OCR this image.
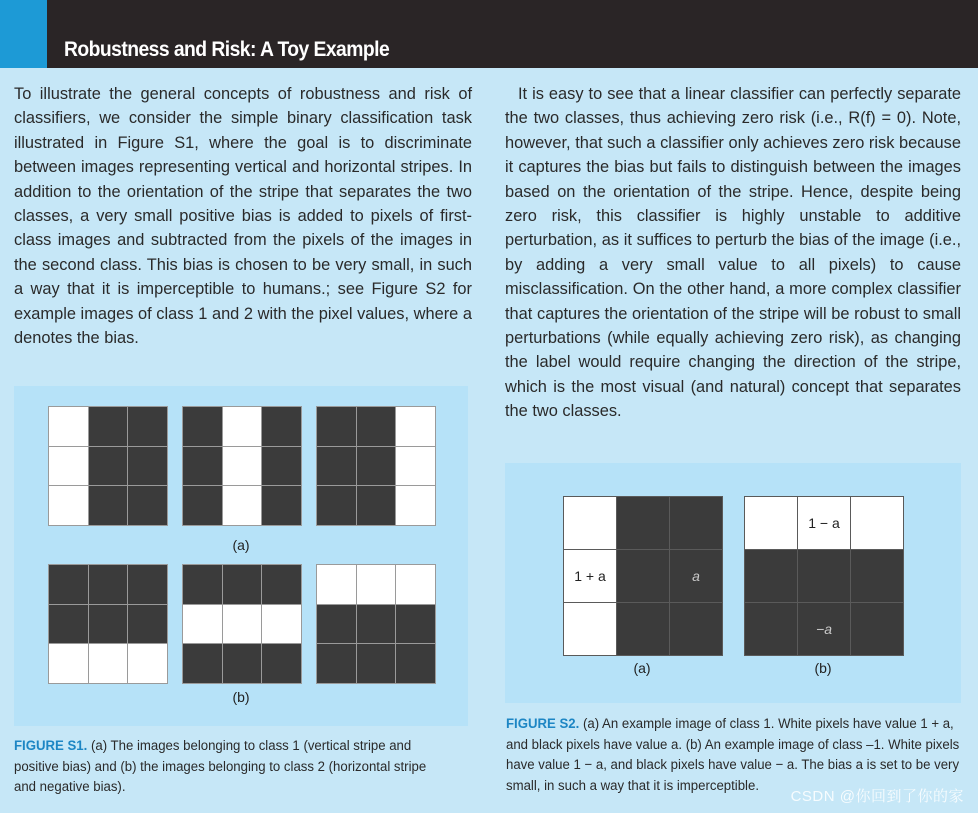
Robustness and Risk: A Toy Example

To illustrate the general concepts of robustness and risk of classifiers, we consider the simple binary classification task illustrated in Figure S1, where the goal is to discriminate between images representing vertical and horizontal stripes. In addition to the orientation of the stripe that separates the two classes, a very small positive bias is added to pixels of first-class images and subtracted from the pixels of the images in the second class. This bias is chosen to be very small, in such a way that it is imperceptible to humans.; see Figure S2 for example images of class 1 and 2 with the pixel values, where a denotes the bias.

It is easy to see that a linear classifier can perfectly separate the two classes, thus achieving zero risk (i.e., R(f) = 0). Note, however, that such a classifier only achieves zero risk because it captures the bias but fails to distinguish between the images based on the orientation of the stripe. Hence, despite being zero risk, this classifier is highly unstable to additive perturbation, as it suffices to perturb the bias of the image (i.e., by adding a very small value to all pixels) to cause misclassification. On the other hand, a more complex classifier that captures the orientation of the stripe will be robust to small perturbations (while equally achieving zero risk), as changing the label would require changing the direction of the stripe, which is the most visual (and natural) concept that separates the two classes.

(a)
(b)
FIGURE S1. (a) The images belonging to class 1 (vertical stripe and positive bias) and (b) the images belonging to class 2 (horizontal stripe and negative bias).
1 + a	a
(a)
1 − a
−a
(b)
FIGURE S2. (a) An example image of class 1. White pixels have value 1 + a, and black pixels have value a. (b) An example image of class –1. White pixels have value 1 − a, and black pixels have value − a. The bias a is set to be very small, in such a way that it is imperceptible.
CSDN @你回到了你的家
